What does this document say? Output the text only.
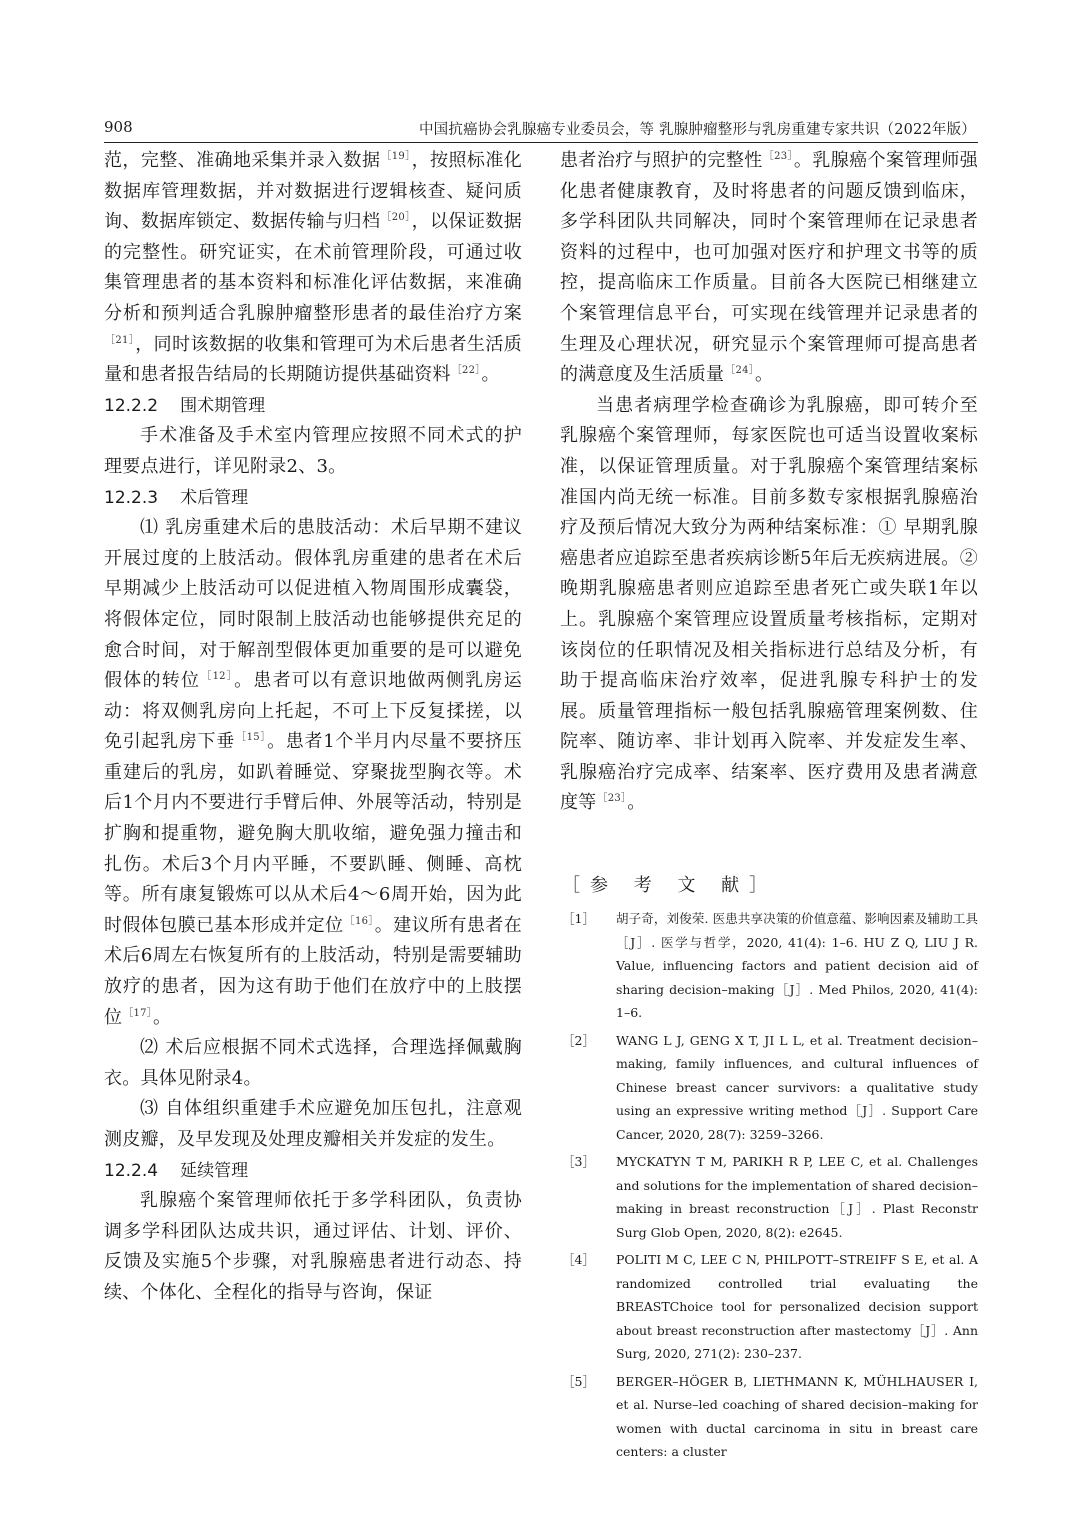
908	中国抗癌协会乳腺癌专业委员会，等 乳腺肿瘤整形与乳房重建专家共识（2022年版）

范，完整、准确地采集并录入数据$^{[19]}$，按照标准化数据库管理数据，并对数据进行逻辑核查、疑问质询、数据库锁定、数据传输与归档$^{[20]}$，以保证数据的完整性。研究证实，在术前管理阶段，可通过收集管理患者的基本资料和标准化评估数据，来准确分析和预判适合乳腺肿瘤整形患者的最佳治疗方案$^{[21]}$，同时该数据的收集和管理可为术后患者生活质量和患者报告结局的长期随访提供基础资料$^{[22]}$。

12.2.2 围术期管理

手术准备及手术室内管理应按照不同术式的护理要点进行，详见附录2、3。

12.2.3 术后管理

⑴ 乳房重建术后的患肢活动：术后早期不建议开展过度的上肢活动。假体乳房重建的患者在术后早期减少上肢活动可以促进植入物周围形成囊袋，将假体定位，同时限制上肢活动也能够提供充足的愈合时间，对于解剖型假体更加重要的是可以避免假体的转位$^{[12]}$。患者可以有意识地做两侧乳房运动：将双侧乳房向上托起，不可上下反复揉搓，以免引起乳房下垂$^{[15]}$。患者1个半月内尽量不要挤压重建后的乳房，如趴着睡觉、穿聚拢型胸衣等。术后1个月内不要进行手臂后伸、外展等活动，特别是扩胸和提重物，避免胸大肌收缩，避免强力撞击和扎伤。术后3个月内平睡，不要趴睡、侧睡、高枕等。所有康复锻炼可以从术后4～6周开始，因为此时假体包膜已基本形成并定位$^{[16]}$。建议所有患者在术后6周左右恢复所有的上肢活动，特别是需要辅助放疗的患者，因为这有助于他们在放疗中的上肢摆位$^{[17]}$。

⑵ 术后应根据不同术式选择，合理选择佩戴胸衣。具体见附录4。

⑶ 自体组织重建手术应避免加压包扎，注意观测皮瓣，及早发现及处理皮瓣相关并发症的发生。

12.2.4 延续管理

乳腺癌个案管理师依托于多学科团队，负责协调多学科团队达成共识，通过评估、计划、评价、反馈及实施5个步骤，对乳腺癌患者进行动态、持续、个体化、全程化的指导与咨询，保证

患者治疗与照护的完整性$^{[23]}$。乳腺癌个案管理师强化患者健康教育，及时将患者的问题反馈到临床，多学科团队共同解决，同时个案管理师在记录患者资料的过程中，也可加强对医疗和护理文书等的质控，提高临床工作质量。目前各大医院已相继建立个案管理信息平台，可实现在线管理并记录患者的生理及心理状况，研究显示个案管理师可提高患者的满意度及生活质量$^{[24]}$。

当患者病理学检查确诊为乳腺癌，即可转介至乳腺癌个案管理师，每家医院也可适当设置收案标准，以保证管理质量。对于乳腺癌个案管理结案标准国内尚无统一标准。目前多数专家根据乳腺癌治疗及预后情况大致分为两种结案标准：① 早期乳腺癌患者应追踪至患者疾病诊断5年后无疾病进展。② 晚期乳腺癌患者则应追踪至患者死亡或失联1年以上。乳腺癌个案管理应设置质量考核指标，定期对该岗位的任职情况及相关指标进行总结及分析，有助于提高临床治疗效率，促进乳腺专科护士的发展。质量管理指标一般包括乳腺癌管理案例数、住院率、随访率、非计划再入院率、并发症发生率、乳腺癌治疗完成率、结案率、医疗费用及患者满意度等$^{[23]}$。

［参 考 文 献］
［1］	胡子奇，刘俊荣. 医患共享决策的价值意蕴、影响因素及辅助工具［J］. 医学与哲学，2020, 41(4): 1–6. HU Z Q, LIU J R. Value, influencing factors and patient decision aid of sharing decision–making［J］. Med Philos, 2020, 41(4): 1–6.
［2］	WANG L J, GENG X T, JI L L, et al. Treatment decision–making, family influences, and cultural influences of Chinese breast cancer survivors: a qualitative study using an expressive writing method［J］. Support Care Cancer, 2020, 28(7): 3259–3266.
［3］	MYCKATYN T M, PARIKH R P, LEE C, et al. Challenges and solutions for the implementation of shared decision–making in breast reconstruction［J］. Plast Reconstr Surg Glob Open, 2020, 8(2): e2645.
［4］	POLITI M C, LEE C N, PHILPOTT–STREIFF S E, et al. A randomized controlled trial evaluating the BREASTChoice tool for personalized decision support about breast reconstruction after mastectomy［J］. Ann Surg, 2020, 271(2): 230–237.
［5］	BERGER–HÖGER B, LIETHMANN K, MÜHLHAUSER I, et al. Nurse–led coaching of shared decision–making for women with ductal carcinoma in situ in breast care centers: a cluster
